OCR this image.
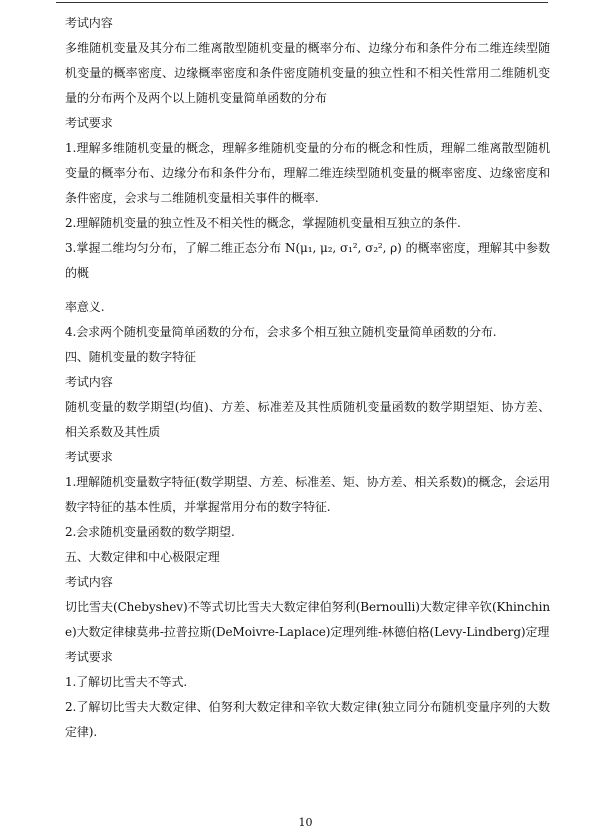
考试内容

多维随机变量及其分布二维离散型随机变量的概率分布、边缘分布和条件分布二维连续型随机变量的概率密度、边缘概率密度和条件密度随机变量的独立性和不相关性常用二维随机变量的分布两个及两个以上随机变量简单函数的分布

考试要求

1.理解多维随机变量的概念，理解多维随机变量的分布的概念和性质，理解二维离散型随机变量的概率分布、边缘分布和条件分布，理解二维连续型随机变量的概率密度、边缘密度和条件密度，会求与二维随机变量相关事件的概率.

2.理解随机变量的独立性及不相关性的概念，掌握随机变量相互独立的条件.

3.掌握二维均匀分布，了解二维正态分布 N(μ₁, μ₂, σ₁², σ₂², ρ) 的概率密度，理解其中参数的概

率意义.

4.会求两个随机变量简单函数的分布，会求多个相互独立随机变量简单函数的分布.

四、随机变量的数字特征

考试内容

随机变量的数学期望(均值)、方差、标准差及其性质随机变量函数的数学期望矩、协方差、相关系数及其性质

考试要求

1.理解随机变量数字特征(数学期望、方差、标准差、矩、协方差、相关系数)的概念，会运用数字特征的基本性质，并掌握常用分布的数字特征.

2.会求随机变量函数的数学期望.

五、大数定律和中心极限定理

考试内容

切比雪夫(Chebyshev)不等式切比雪夫大数定律伯努利(Bernoulli)大数定律辛钦(Khinchine)大数定律棣莫弗-拉普拉斯(DeMoivre-Laplace)定理列维-林德伯格(Levy-Lindberg)定理

考试要求

1.了解切比雪夫不等式.

2.了解切比雪夫大数定律、伯努利大数定律和辛钦大数定律(独立同分布随机变量序列的大数定律).

10
